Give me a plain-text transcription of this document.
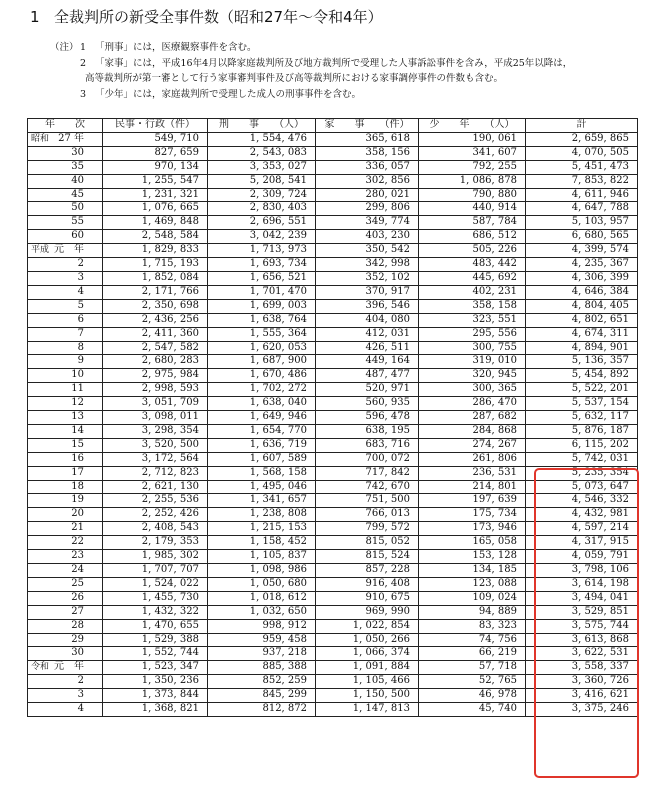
1 全裁判所の新受全事件数（昭和27年～令和4年）
（注） 1 「刑事」には，医療観察事件を含む。
2 「家事」には，平成16年4月以降家庭裁判所及び地方裁判所で受理した人事訴訟事件を含み，平成25年以降は，
高等裁判所が第一審として行う家事審判事件及び高等裁判所における家事調停事件の件数も含む。
3 「少年」には，家庭裁判所で受理した成人の刑事事件を含む。
年　　次	民事・行政（件）	刑　　事　　（人）	家　　事　　（件）	少　　年　　（人）	計

昭和 27 年	549, 710	1, 554, 476	365, 618	190, 061	2, 659, 865
30	827, 659	2, 543, 083	358, 156	341, 607	4, 070, 505
35	970, 134	3, 353, 027	336, 057	792, 255	5, 451, 473
40	1, 255, 547	5, 208, 541	302, 856	1, 086, 878	7, 853, 822
45	1, 231, 321	2, 309, 724	280, 021	790, 880	4, 611, 946
50	1, 076, 665	2, 830, 403	299, 806	440, 914	4, 647, 788
55	1, 469, 848	2, 696, 551	349, 774	587, 784	5, 103, 957
60	2, 548, 584	3, 042, 239	403, 230	686, 512	6, 680, 565

平成 元　年	1, 829, 833	1, 713, 973	350, 542	505, 226	4, 399, 574
2	1, 715, 193	1, 693, 734	342, 998	483, 442	4, 235, 367
3	1, 852, 084	1, 656, 521	352, 102	445, 692	4, 306, 399
4	2, 171, 766	1, 701, 470	370, 917	402, 231	4, 646, 384
5	2, 350, 698	1, 699, 003	396, 546	358, 158	4, 804, 405
6	2, 436, 256	1, 638, 764	404, 080	323, 551	4, 802, 651
7	2, 411, 360	1, 555, 364	412, 031	295, 556	4, 674, 311
8	2, 547, 582	1, 620, 053	426, 511	300, 755	4, 894, 901
9	2, 680, 283	1, 687, 900	449, 164	319, 010	5, 136, 357
10	2, 975, 984	1, 670, 486	487, 477	320, 945	5, 454, 892
11	2, 998, 593	1, 702, 272	520, 971	300, 365	5, 522, 201
12	3, 051, 709	1, 638, 040	560, 935	286, 470	5, 537, 154
13	3, 098, 011	1, 649, 946	596, 478	287, 682	5, 632, 117
14	3, 298, 354	1, 654, 770	638, 195	284, 868	5, 876, 187
15	3, 520, 500	1, 636, 719	683, 716	274, 267	6, 115, 202
16	3, 172, 564	1, 607, 589	700, 072	261, 806	5, 742, 031
17	2, 712, 823	1, 568, 158	717, 842	236, 531	5, 235, 354
18	2, 621, 130	1, 495, 046	742, 670	214, 801	5, 073, 647
19	2, 255, 536	1, 341, 657	751, 500	197, 639	4, 546, 332
20	2, 252, 426	1, 238, 808	766, 013	175, 734	4, 432, 981
21	2, 408, 543	1, 215, 153	799, 572	173, 946	4, 597, 214
22	2, 179, 353	1, 158, 452	815, 052	165, 058	4, 317, 915
23	1, 985, 302	1, 105, 837	815, 524	153, 128	4, 059, 791
24	1, 707, 707	1, 098, 986	857, 228	134, 185	3, 798, 106
25	1, 524, 022	1, 050, 680	916, 408	123, 088	3, 614, 198
26	1, 455, 730	1, 018, 612	910, 675	109, 024	3, 494, 041
27	1, 432, 322	1, 032, 650	969, 990	94, 889	3, 529, 851
28	1, 470, 655	998, 912	1, 022, 854	83, 323	3, 575, 744
29	1, 529, 388	959, 458	1, 050, 266	74, 756	3, 613, 868
30	1, 552, 744	937, 218	1, 066, 374	66, 219	3, 622, 531

令和 元　年	1, 523, 347	885, 388	1, 091, 884	57, 718	3, 558, 337
2	1, 350, 236	852, 259	1, 105, 466	52, 765	3, 360, 726
3	1, 373, 844	845, 299	1, 150, 500	46, 978	3, 416, 621
4	1, 368, 821	812, 872	1, 147, 813	45, 740	3, 375, 246
